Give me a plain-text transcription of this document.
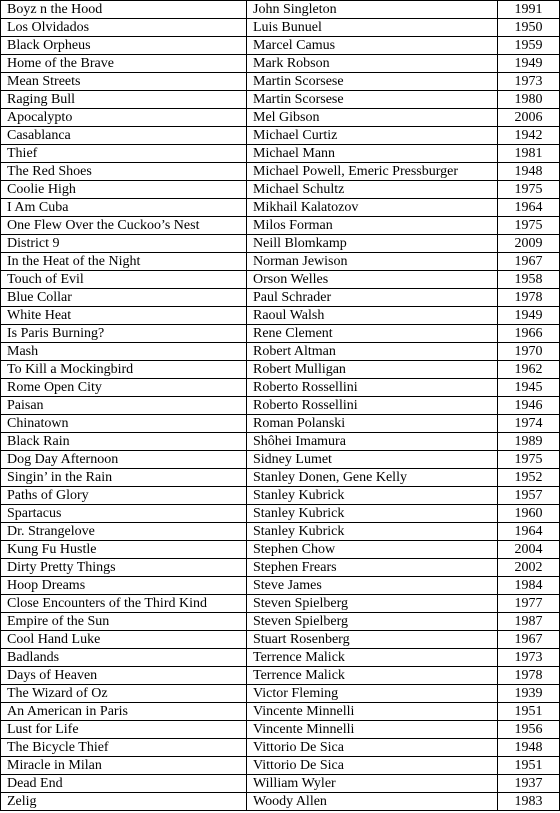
Boyz n the Hood	John Singleton	1991
Los Olvidados	Luis Bunuel	1950
Black Orpheus	Marcel Camus	1959
Home of the Brave	Mark Robson	1949
Mean Streets	Martin Scorsese	1973
Raging Bull	Martin Scorsese	1980
Apocalypto	Mel Gibson	2006
Casablanca	Michael Curtiz	1942
Thief	Michael Mann	1981
The Red Shoes	Michael Powell, Emeric Pressburger	1948
Coolie High	Michael Schultz	1975
I Am Cuba	Mikhail Kalatozov	1964
One Flew Over the Cuckoo’s Nest	Milos Forman	1975
District 9	Neill Blomkamp	2009
In the Heat of the Night	Norman Jewison	1967
Touch of Evil	Orson Welles	1958
Blue Collar	Paul Schrader	1978
White Heat	Raoul Walsh	1949
Is Paris Burning?	Rene Clement	1966
Mash	Robert Altman	1970
To Kill a Mockingbird	Robert Mulligan	1962
Rome Open City	Roberto Rossellini	1945
Paisan	Roberto Rossellini	1946
Chinatown	Roman Polanski	1974
Black Rain	Shôhei Imamura	1989
Dog Day Afternoon	Sidney Lumet	1975
Singin’ in the Rain	Stanley Donen, Gene Kelly	1952
Paths of Glory	Stanley Kubrick	1957
Spartacus	Stanley Kubrick	1960
Dr. Strangelove	Stanley Kubrick	1964
Kung Fu Hustle	Stephen Chow	2004
Dirty Pretty Things	Stephen Frears	2002
Hoop Dreams	Steve James	1984
Close Encounters of the Third Kind	Steven Spielberg	1977
Empire of the Sun	Steven Spielberg	1987
Cool Hand Luke	Stuart Rosenberg	1967
Badlands	Terrence Malick	1973
Days of Heaven	Terrence Malick	1978
The Wizard of Oz	Victor Fleming	1939
An American in Paris	Vincente Minnelli	1951
Lust for Life	Vincente Minnelli	1956
The Bicycle Thief	Vittorio De Sica	1948
Miracle in Milan	Vittorio De Sica	1951
Dead End	William Wyler	1937
Zelig	Woody Allen	1983
